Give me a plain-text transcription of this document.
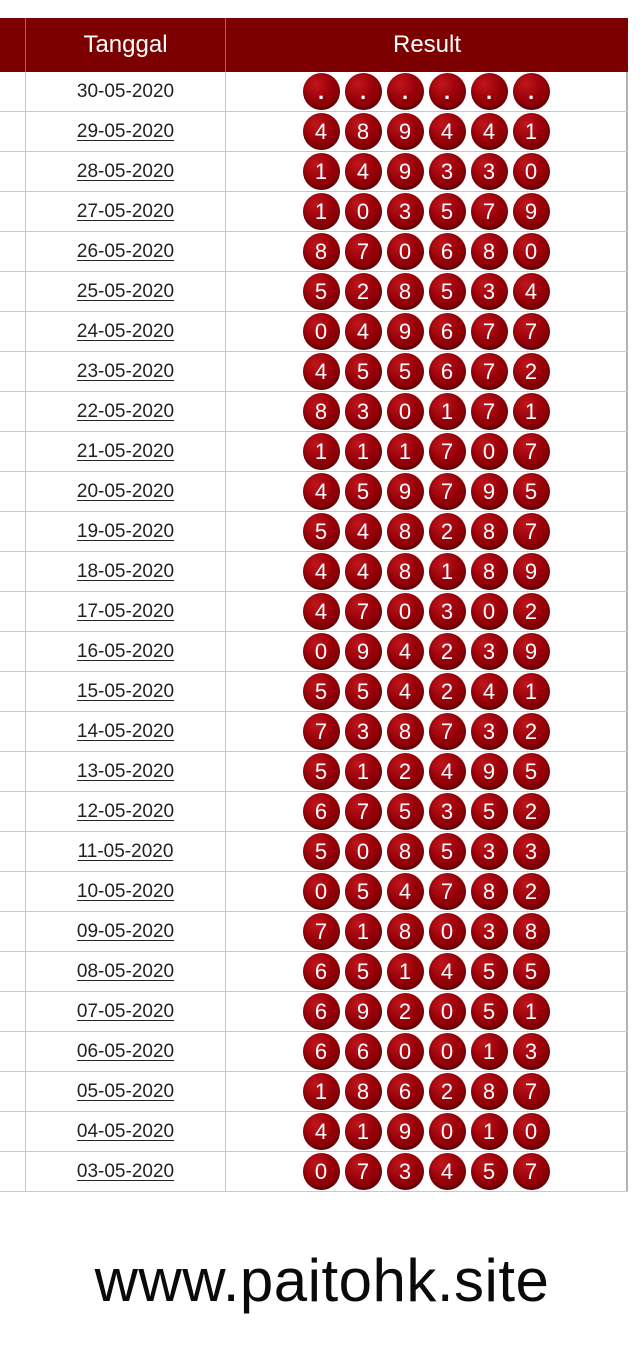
Tanggal	Result
30-05-2020	.	.	.	.	.	.
29-05-2020	4	8	9	4	4	1
28-05-2020	1	4	9	3	3	0
27-05-2020	1	0	3	5	7	9
26-05-2020	8	7	0	6	8	0
25-05-2020	5	2	8	5	3	4
24-05-2020	0	4	9	6	7	7
23-05-2020	4	5	5	6	7	2
22-05-2020	8	3	0	1	7	1
21-05-2020	1	1	1	7	0	7
20-05-2020	4	5	9	7	9	5
19-05-2020	5	4	8	2	8	7
18-05-2020	4	4	8	1	8	9
17-05-2020	4	7	0	3	0	2
16-05-2020	0	9	4	2	3	9
15-05-2020	5	5	4	2	4	1
14-05-2020	7	3	8	7	3	2
13-05-2020	5	1	2	4	9	5
12-05-2020	6	7	5	3	5	2
11-05-2020	5	0	8	5	3	3
10-05-2020	0	5	4	7	8	2
09-05-2020	7	1	8	0	3	8
08-05-2020	6	5	1	4	5	5
07-05-2020	6	9	2	0	5	1
06-05-2020	6	6	0	0	1	3
05-05-2020	1	8	6	2	8	7
04-05-2020	4	1	9	0	1	0
03-05-2020	0	7	3	4	5	7
www.paitohk.site
